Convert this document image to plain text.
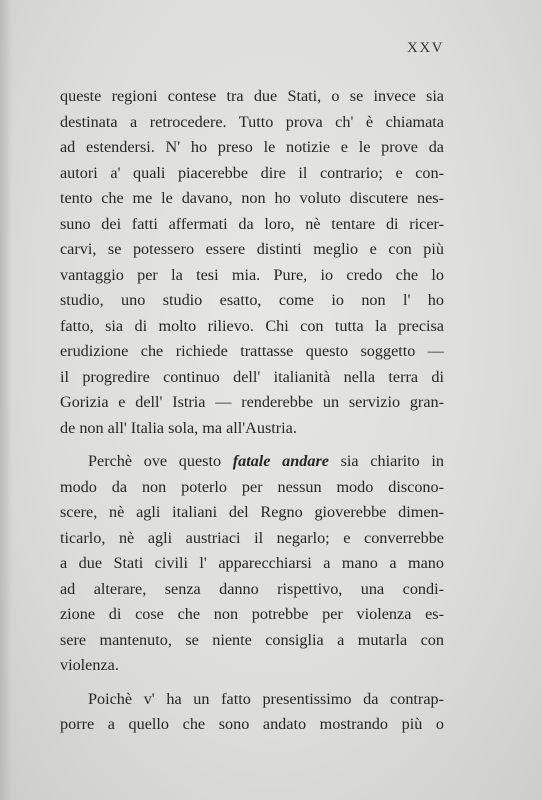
XXV
queste regioni contese tra due Stati, o se invece sia
destinata a retrocedere. Tutto prova ch' è chiamata
ad estendersi. N' ho preso le notizie e le prove da
autori a' quali piacerebbe dire il contrario; e con-
tento che me le davano, non ho voluto discutere nes-
suno dei fatti affermati da loro, nè tentare di ricer-
carvi, se potessero essere distinti meglio e con più
vantaggio per la tesi mia. Pure, io credo che lo
studio, uno studio esatto, come io non l' ho
fatto, sia di molto rilievo. Chi con tutta la precisa
erudizione che richiede trattasse questo soggetto —
il progredire continuo dell' italianità nella terra di
Gorizia e dell' Istria — renderebbe un servizio gran-
de non all' Italia sola, ma all'Austria.
Perchè ove questo fatale andare sia chiarito in
modo da non poterlo per nessun modo discono-
scere, nè agli italiani del Regno gioverebbe dimen-
ticarlo, nè agli austriaci il negarlo; e converrebbe
a due Stati civili l' apparecchiarsi a mano a mano
ad alterare, senza danno rispettivo, una condi-
zione di cose che non potrebbe per violenza es-
sere mantenuto, se niente consiglia a mutarla con
violenza.
Poichè v' ha un fatto presentissimo da contrap-
porre a quello che sono andato mostrando più o
